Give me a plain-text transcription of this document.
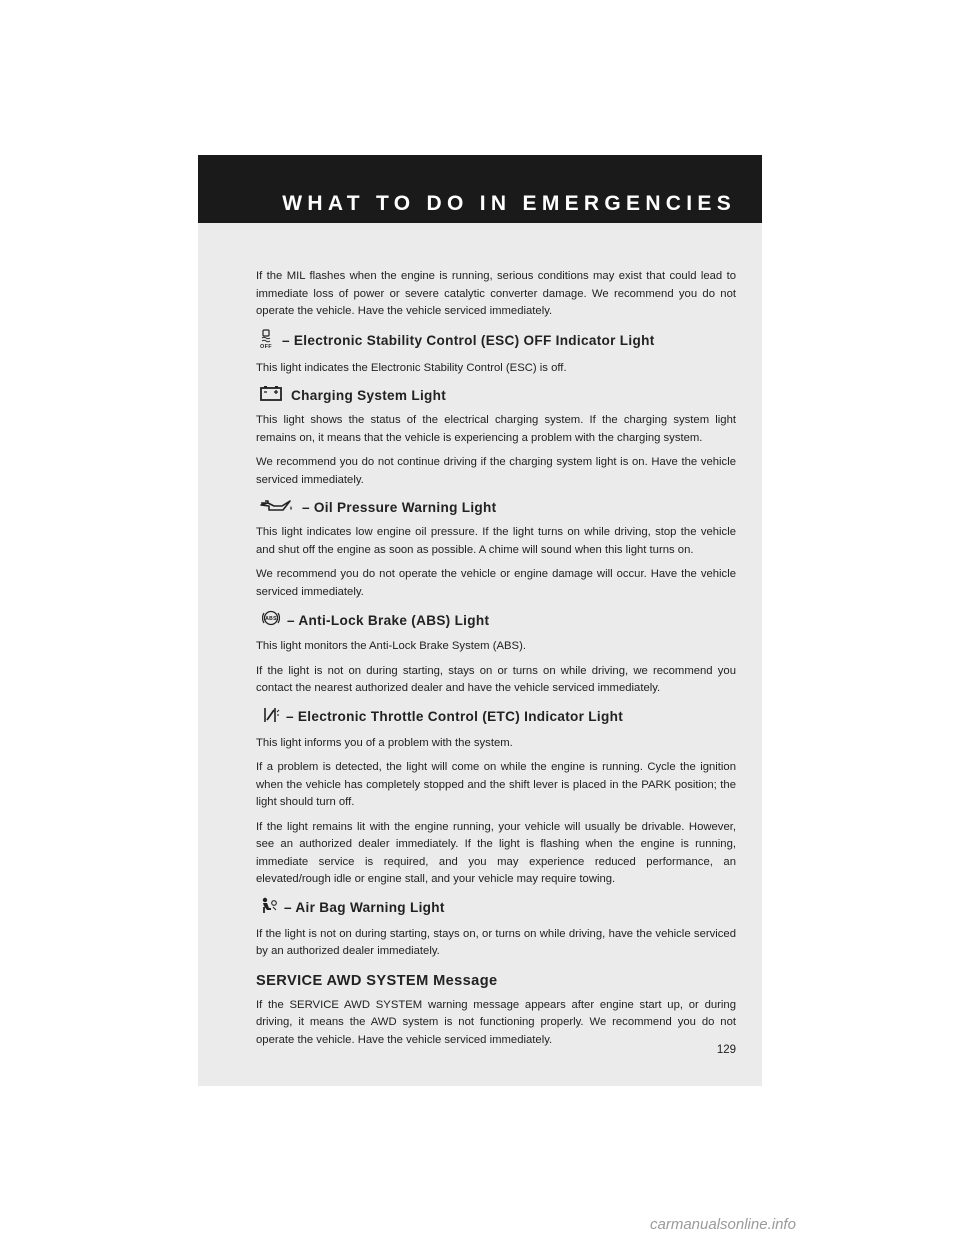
WHAT TO DO IN EMERGENCIES

If the MIL flashes when the engine is running, serious conditions may exist that could lead to immediate loss of power or severe catalytic converter damage. We recommend you do not operate the vehicle. Have the vehicle serviced immediately.

OFF – Electronic Stability Control (ESC) OFF Indicator Light

This light indicates the Electronic Stability Control (ESC) is off.

Charging System Light

This light shows the status of the electrical charging system. If the charging system light remains on, it means that the vehicle is experiencing a problem with the charging system.

We recommend you do not continue driving if the charging system light is on. Have the vehicle serviced immediately.

– Oil Pressure Warning Light

This light indicates low engine oil pressure. If the light turns on while driving, stop the vehicle and shut off the engine as soon as possible. A chime will sound when this light turns on.

We recommend you do not operate the vehicle or engine damage will occur. Have the vehicle serviced immediately.

ABS – Anti-Lock Brake (ABS) Light

This light monitors the Anti-Lock Brake System (ABS).

If the light is not on during starting, stays on or turns on while driving, we recommend you contact the nearest authorized dealer and have the vehicle serviced immediately.

– Electronic Throttle Control (ETC) Indicator Light

This light informs you of a problem with the system.

If a problem is detected, the light will come on while the engine is running. Cycle the ignition when the vehicle has completely stopped and the shift lever is placed in the PARK position; the light should turn off.

If the light remains lit with the engine running, your vehicle will usually be drivable. However, see an authorized dealer immediately. If the light is flashing when the engine is running, immediate service is required, and you may experience reduced performance, an elevated/rough idle or engine stall, and your vehicle may require towing.

– Air Bag Warning Light

If the light is not on during starting, stays on, or turns on while driving, have the vehicle serviced by an authorized dealer immediately.

SERVICE AWD SYSTEM Message

If the SERVICE AWD SYSTEM warning message appears after engine start up, or during driving, it means the AWD system is not functioning properly. We recommend you do not operate the vehicle. Have the vehicle serviced immediately.

129
carmanualsonline.info
